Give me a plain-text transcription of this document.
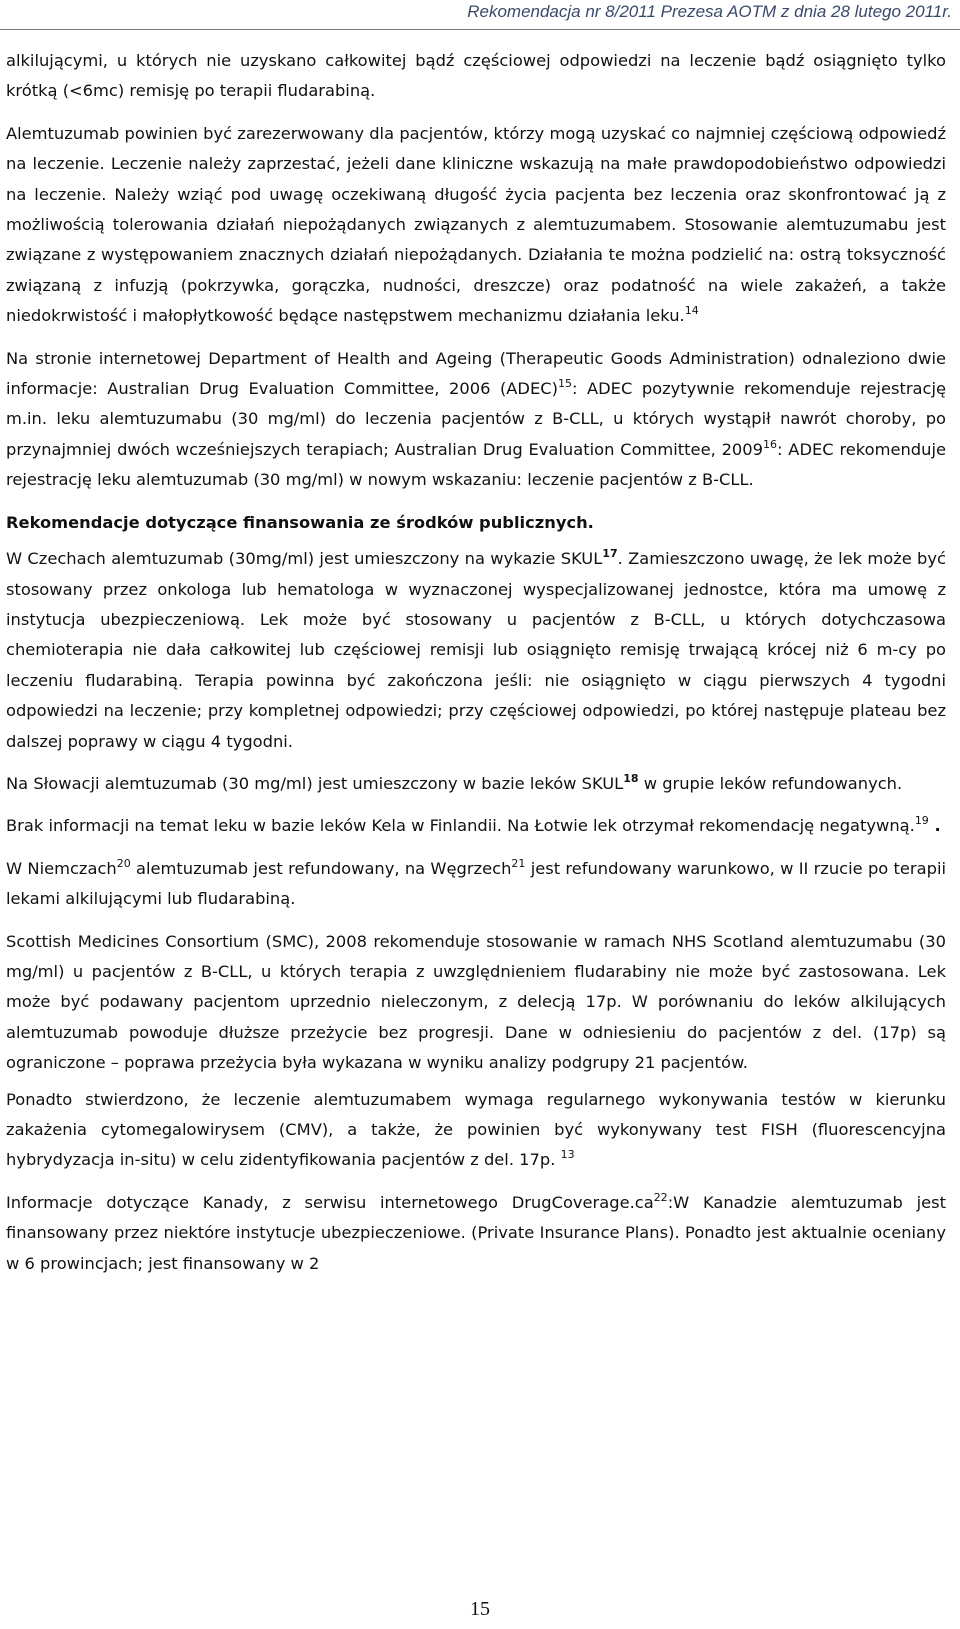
Rekomendacja nr 8/2011 Prezesa AOTM z dnia 28 lutego 2011r.

alkilującymi, u których nie uzyskano całkowitej bądź częściowej odpowiedzi na leczenie bądź osiągnięto tylko krótką (<6mc) remisję po terapii fludarabiną.

Alemtuzumab powinien być zarezerwowany dla pacjentów, którzy mogą uzyskać co najmniej częściową odpowiedź na leczenie. Leczenie należy zaprzestać, jeżeli dane kliniczne wskazują na małe prawdopodobieństwo odpowiedzi na leczenie. Należy wziąć pod uwagę oczekiwaną długość życia pacjenta bez leczenia oraz skonfrontować ją z możliwością tolerowania działań niepożądanych związanych z alemtuzumabem. Stosowanie alemtuzumabu jest związane z występowaniem znacznych działań niepożądanych. Działania te można podzielić na: ostrą toksyczność związaną z infuzją (pokrzywka, gorączka, nudności, dreszcze) oraz podatność na wiele zakażeń, a także niedokrwistość i małopłytkowość będące następstwem mechanizmu działania leku.$^{14}$

Na stronie internetowej Department of Health and Ageing (Therapeutic Goods Administration) odnaleziono dwie informacje: Australian Drug Evaluation Committee, 2006 (ADEC)$^{15}$: ADEC pozytywnie rekomenduje rejestrację m.in. leku alemtuzumabu (30 mg/ml) do leczenia pacjentów z B-CLL, u których wystąpił nawrót choroby, po przynajmniej dwóch wcześniejszych terapiach; Australian Drug Evaluation Committee, 2009$^{16}$: ADEC rekomenduje rejestrację leku alemtuzumab (30 mg/ml) w nowym wskazaniu: leczenie pacjentów z B-CLL.

Rekomendacje dotyczące finansowania ze środków publicznych.

W Czechach alemtuzumab (30mg/ml) jest umieszczony na wykazie SKUL$^{17}$. Zamieszczono uwagę, że lek może być stosowany przez onkologa lub hematologa w wyznaczonej wyspecjalizowanej jednostce, która ma umowę z instytucja ubezpieczeniową. Lek może być stosowany u pacjentów z B-CLL, u których dotychczasowa chemioterapia nie dała całkowitej lub częściowej remisji lub osiągnięto remisję trwającą krócej niż 6 m-cy po leczeniu fludarabiną. Terapia powinna być zakończona jeśli: nie osiągnięto w ciągu pierwszych 4 tygodni odpowiedzi na leczenie; przy kompletnej odpowiedzi; przy częściowej odpowiedzi, po której następuje plateau bez dalszej poprawy w ciągu 4 tygodni.

Na Słowacji alemtuzumab (30 mg/ml) jest umieszczony w bazie leków SKUL$^{18}$ w grupie leków refundowanych.

Brak informacji na temat leku w bazie leków Kela w Finlandii. Na Łotwie lek otrzymał rekomendację negatywną.$^{19}$ .

W Niemczach$^{20}$ alemtuzumab jest refundowany, na Węgrzech$^{21}$ jest refundowany warunkowo, w II rzucie po terapii lekami alkilującymi lub fludarabiną.

Scottish Medicines Consortium (SMC), 2008 rekomenduje stosowanie w ramach NHS Scotland alemtuzumabu (30 mg/ml) u pacjentów z B-CLL, u których terapia z uwzględnieniem fludarabiny nie może być zastosowana. Lek może być podawany pacjentom uprzednio nieleczonym, z delecją 17p. W porównaniu do leków alkilujących alemtuzumab powoduje dłuższe przeżycie bez progresji. Dane w odniesieniu do pacjentów z del. (17p) są ograniczone – poprawa przeżycia była wykazana w wyniku analizy podgrupy 21 pacjentów.

Ponadto stwierdzono, że leczenie alemtuzumabem wymaga regularnego wykonywania testów w kierunku zakażenia cytomegalowirysem (CMV), a także, że powinien być wykonywany test FISH (fluorescencyjna hybrydyzacja in-situ) w celu zidentyfikowania pacjentów z del. 17p. $^{13}$

Informacje dotyczące Kanady, z serwisu internetowego $DrugCoverage.ca^{22}:W$ Kanadzie alemtuzumab jest finansowany przez niektóre instytucje ubezpieczeniowe. (Private Insurance Plans). Ponadto jest aktualnie oceniany w 6 prowincjach; jest finansowany w 2

15
